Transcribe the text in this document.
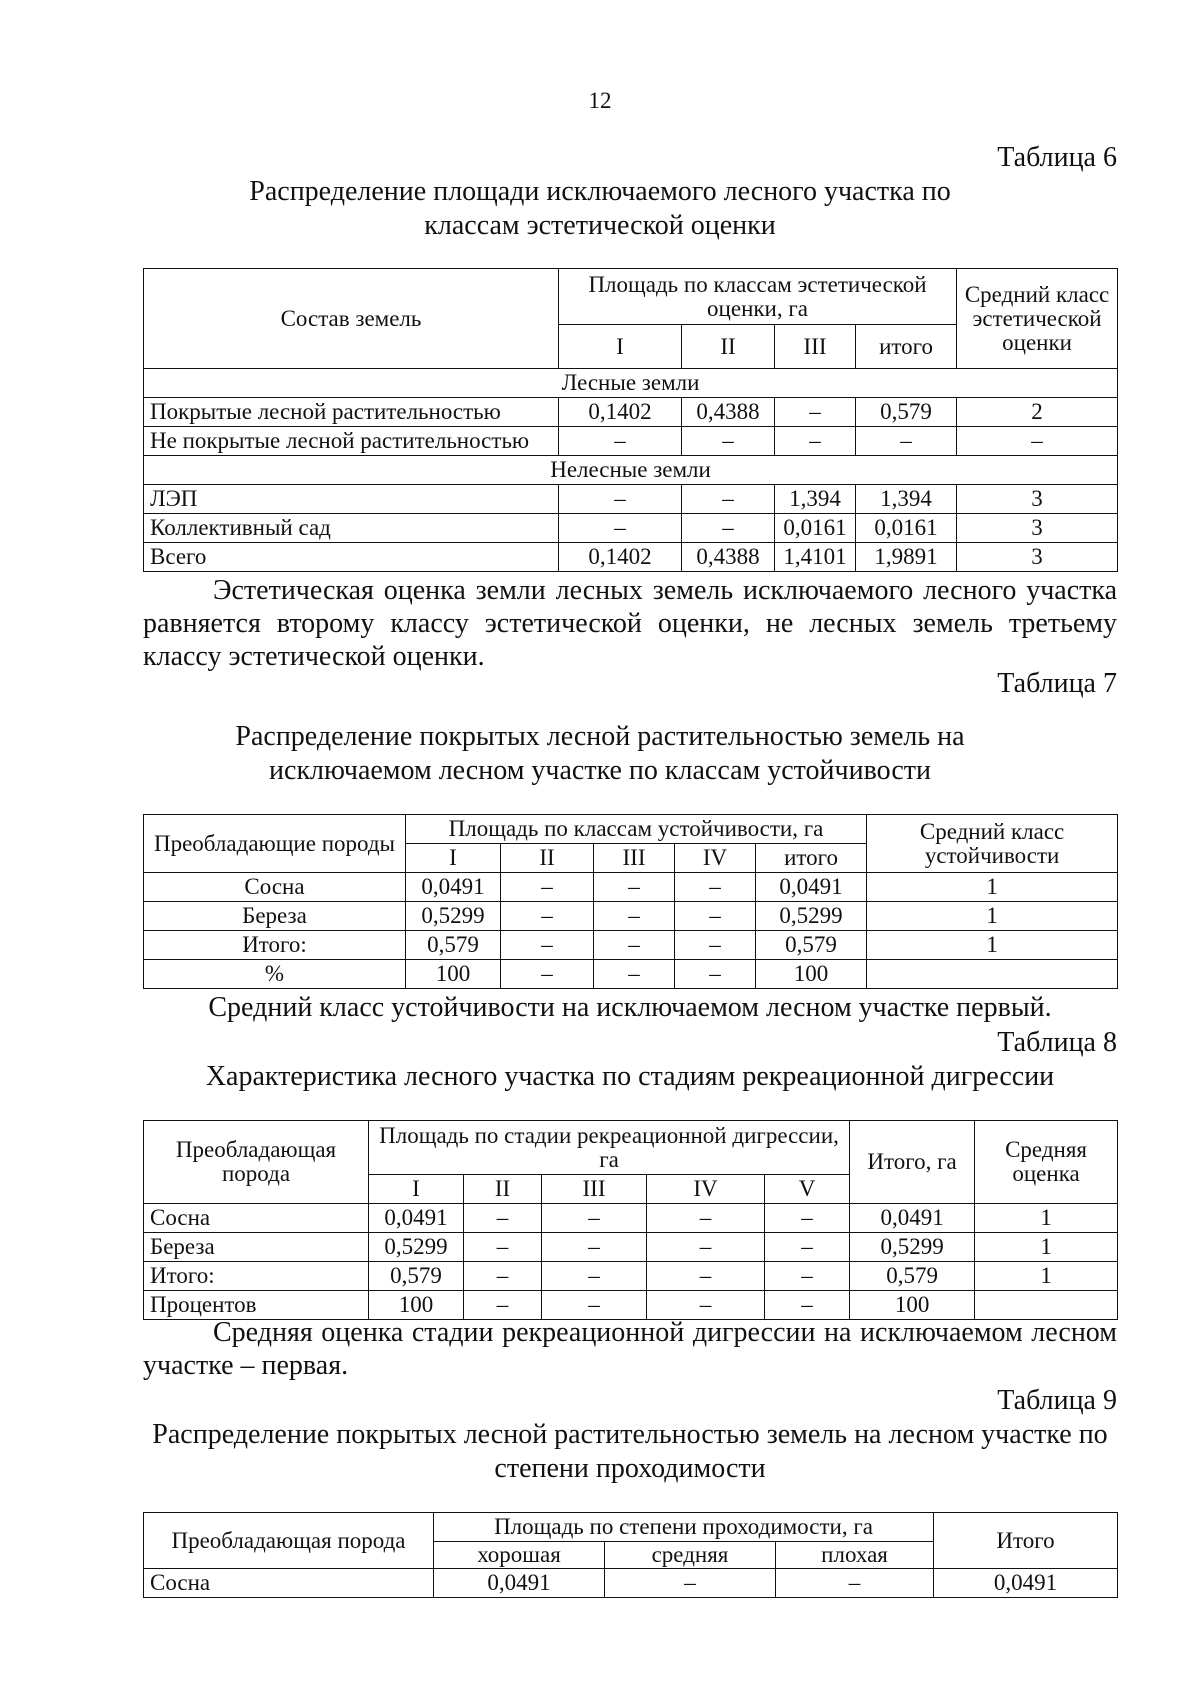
12
Таблица 6
Распределение площади исключаемого лесного участка по классам эстетической оценки
Состав земель	Площадь по классам эстетической оценки, га				Средний класс эстетической оценки
	I	II	III	итого	
Лесные земли					
Покрытые лесной растительностью	0,1402	0,4388	–	0,579	2
Не покрытые лесной растительностью	–	–	–	–	–
Нелесные земли					
ЛЭП	–	–	1,394	1,394	3
Коллективный сад	–	–	0,0161	0,0161	3
Всего	0,1402	0,4388	1,4101	1,9891	3

Эстетическая оценка земли лесных земель исключаемого лесного участка равняется второму классу эстетической оценки, не лесных земель третьему классу эстетической оценки.

Таблица 7
Распределение покрытых лесной растительностью земель на исключаемом лесном участке по классам устойчивости
Преобладающие породы	Площадь по классам устойчивости, га					Средний класс устойчивости
	I	II	III	IV	итого	
Сосна	0,0491	–	–	–	0,0491	1
Береза	0,5299	–	–	–	0,5299	1
Итого:	0,579	–	–	–	0,579	1
%	100	–	–	–	100	
Средний класс устойчивости на исключаемом лесном участке первый.
Таблица 8
Характеристика лесного участка по стадиям рекреационной дигрессии
Преобладающая порода	Площадь по стадии рекреационной дигрессии, га					Итого, га	Средняя оценка
	I	II	III	IV	V		
Сосна	0,0491	–	–	–	–	0,0491	1
Береза	0,5299	–	–	–	–	0,5299	1
Итого:	0,579	–	–	–	–	0,579	1
Процентов	100	–	–	–	–	100	

Средняя оценка стадии рекреационной дигрессии на исключаемом лесном участке – первая.

Таблица 9
Распределение покрытых лесной растительностью земель на лесном участке по степени проходимости
Преобладающая порода	Площадь по степени проходимости, га			Итого
	хорошая	средняя	плохая	
Сосна	0,0491	–	–	0,0491
